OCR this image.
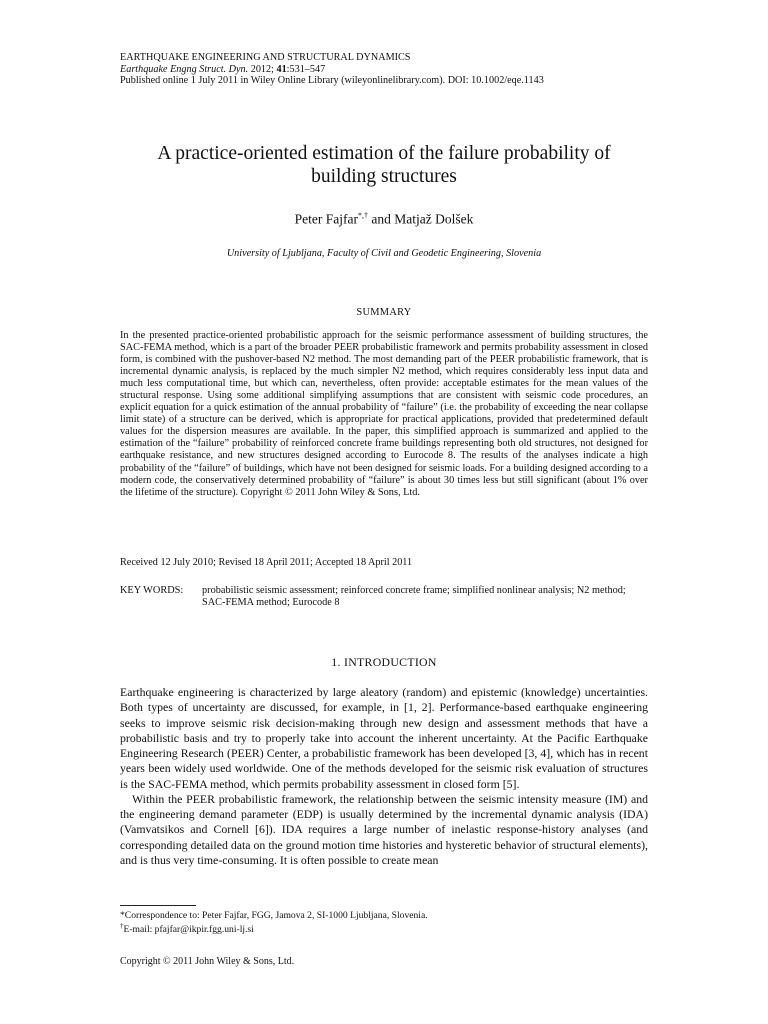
EARTHQUAKE ENGINEERING AND STRUCTURAL DYNAMICS
Earthquake Engng Struct. Dyn. 2012; 41:531–547
Published online 1 July 2011 in Wiley Online Library (wileyonlinelibrary.com). DOI: 10.1002/eqe.1143
A practice-oriented estimation of the failure probability of
building structures
Peter Fajfar*,† and Matjaž Dolšek
University of Ljubljana, Faculty of Civil and Geodetic Engineering, Slovenia
SUMMARY
In the presented practice-oriented probabilistic approach for the seismic performance assessment of building structures, the SAC-FEMA method, which is a part of the broader PEER probabilistic framework and permits probability assessment in closed form, is combined with the pushover-based N2 method. The most demanding part of the PEER probabilistic framework, that is incremental dynamic analysis, is replaced by the much simpler N2 method, which requires considerably less input data and much less computational time, but which can, nevertheless, often provide: acceptable estimates for the mean values of the structural response. Using some additional simplifying assumptions that are consistent with seismic code procedures, an explicit equation for a quick estimation of the annual probability of “failure” (i.e. the probability of exceeding the near collapse limit state) of a structure can be derived, which is appropriate for practical applications, provided that predetermined default values for the dispersion measures are available. In the paper, this simplified approach is summarized and applied to the estimation of the “failure” probability of reinforced concrete frame buildings representing both old structures, not designed for earthquake resistance, and new structures designed according to Eurocode 8. The results of the analyses indicate a high probability of the “failure” of buildings, which have not been designed for seismic loads. For a building designed according to a modern code, the conservatively determined probability of “failure” is about 30 times less but still significant (about 1% over the lifetime of the structure). Copyright © 2011 John Wiley & Sons, Ltd.
Received 12 July 2010; Revised 18 April 2011; Accepted 18 April 2011
KEY WORDS: probabilistic seismic assessment; reinforced concrete frame; simplified nonlinear analysis; N2 method; SAC-FEMA method; Eurocode 8
1. INTRODUCTION

Earthquake engineering is characterized by large aleatory (random) and epistemic (knowledge) uncertainties. Both types of uncertainty are discussed, for example, in [1, 2]. Performance-based earthquake engineering seeks to improve seismic risk decision-making through new design and assessment methods that have a probabilistic basis and try to properly take into account the inherent uncertainty. At the Pacific Earthquake Engineering Research (PEER) Center, a probabilistic framework has been developed [3, 4], which has in recent years been widely used worldwide. One of the methods developed for the seismic risk evaluation of structures is the SAC-FEMA method, which permits probability assessment in closed form [5].

Within the PEER probabilistic framework, the relationship between the seismic intensity measure (IM) and the engineering demand parameter (EDP) is usually determined by the incremental dynamic analysis (IDA) (Vamvatsikos and Cornell [6]). IDA requires a large number of inelastic response-history analyses (and corresponding detailed data on the ground motion time histories and hysteretic behavior of structural elements), and is thus very time-consuming. It is often possible to create mean

*Correspondence to: Peter Fajfar, FGG, Jamova 2, SI-1000 Ljubljana, Slovenia.
†E-mail: pfajfar@ikpir.fgg.uni-lj.si
Copyright © 2011 John Wiley & Sons, Ltd.
